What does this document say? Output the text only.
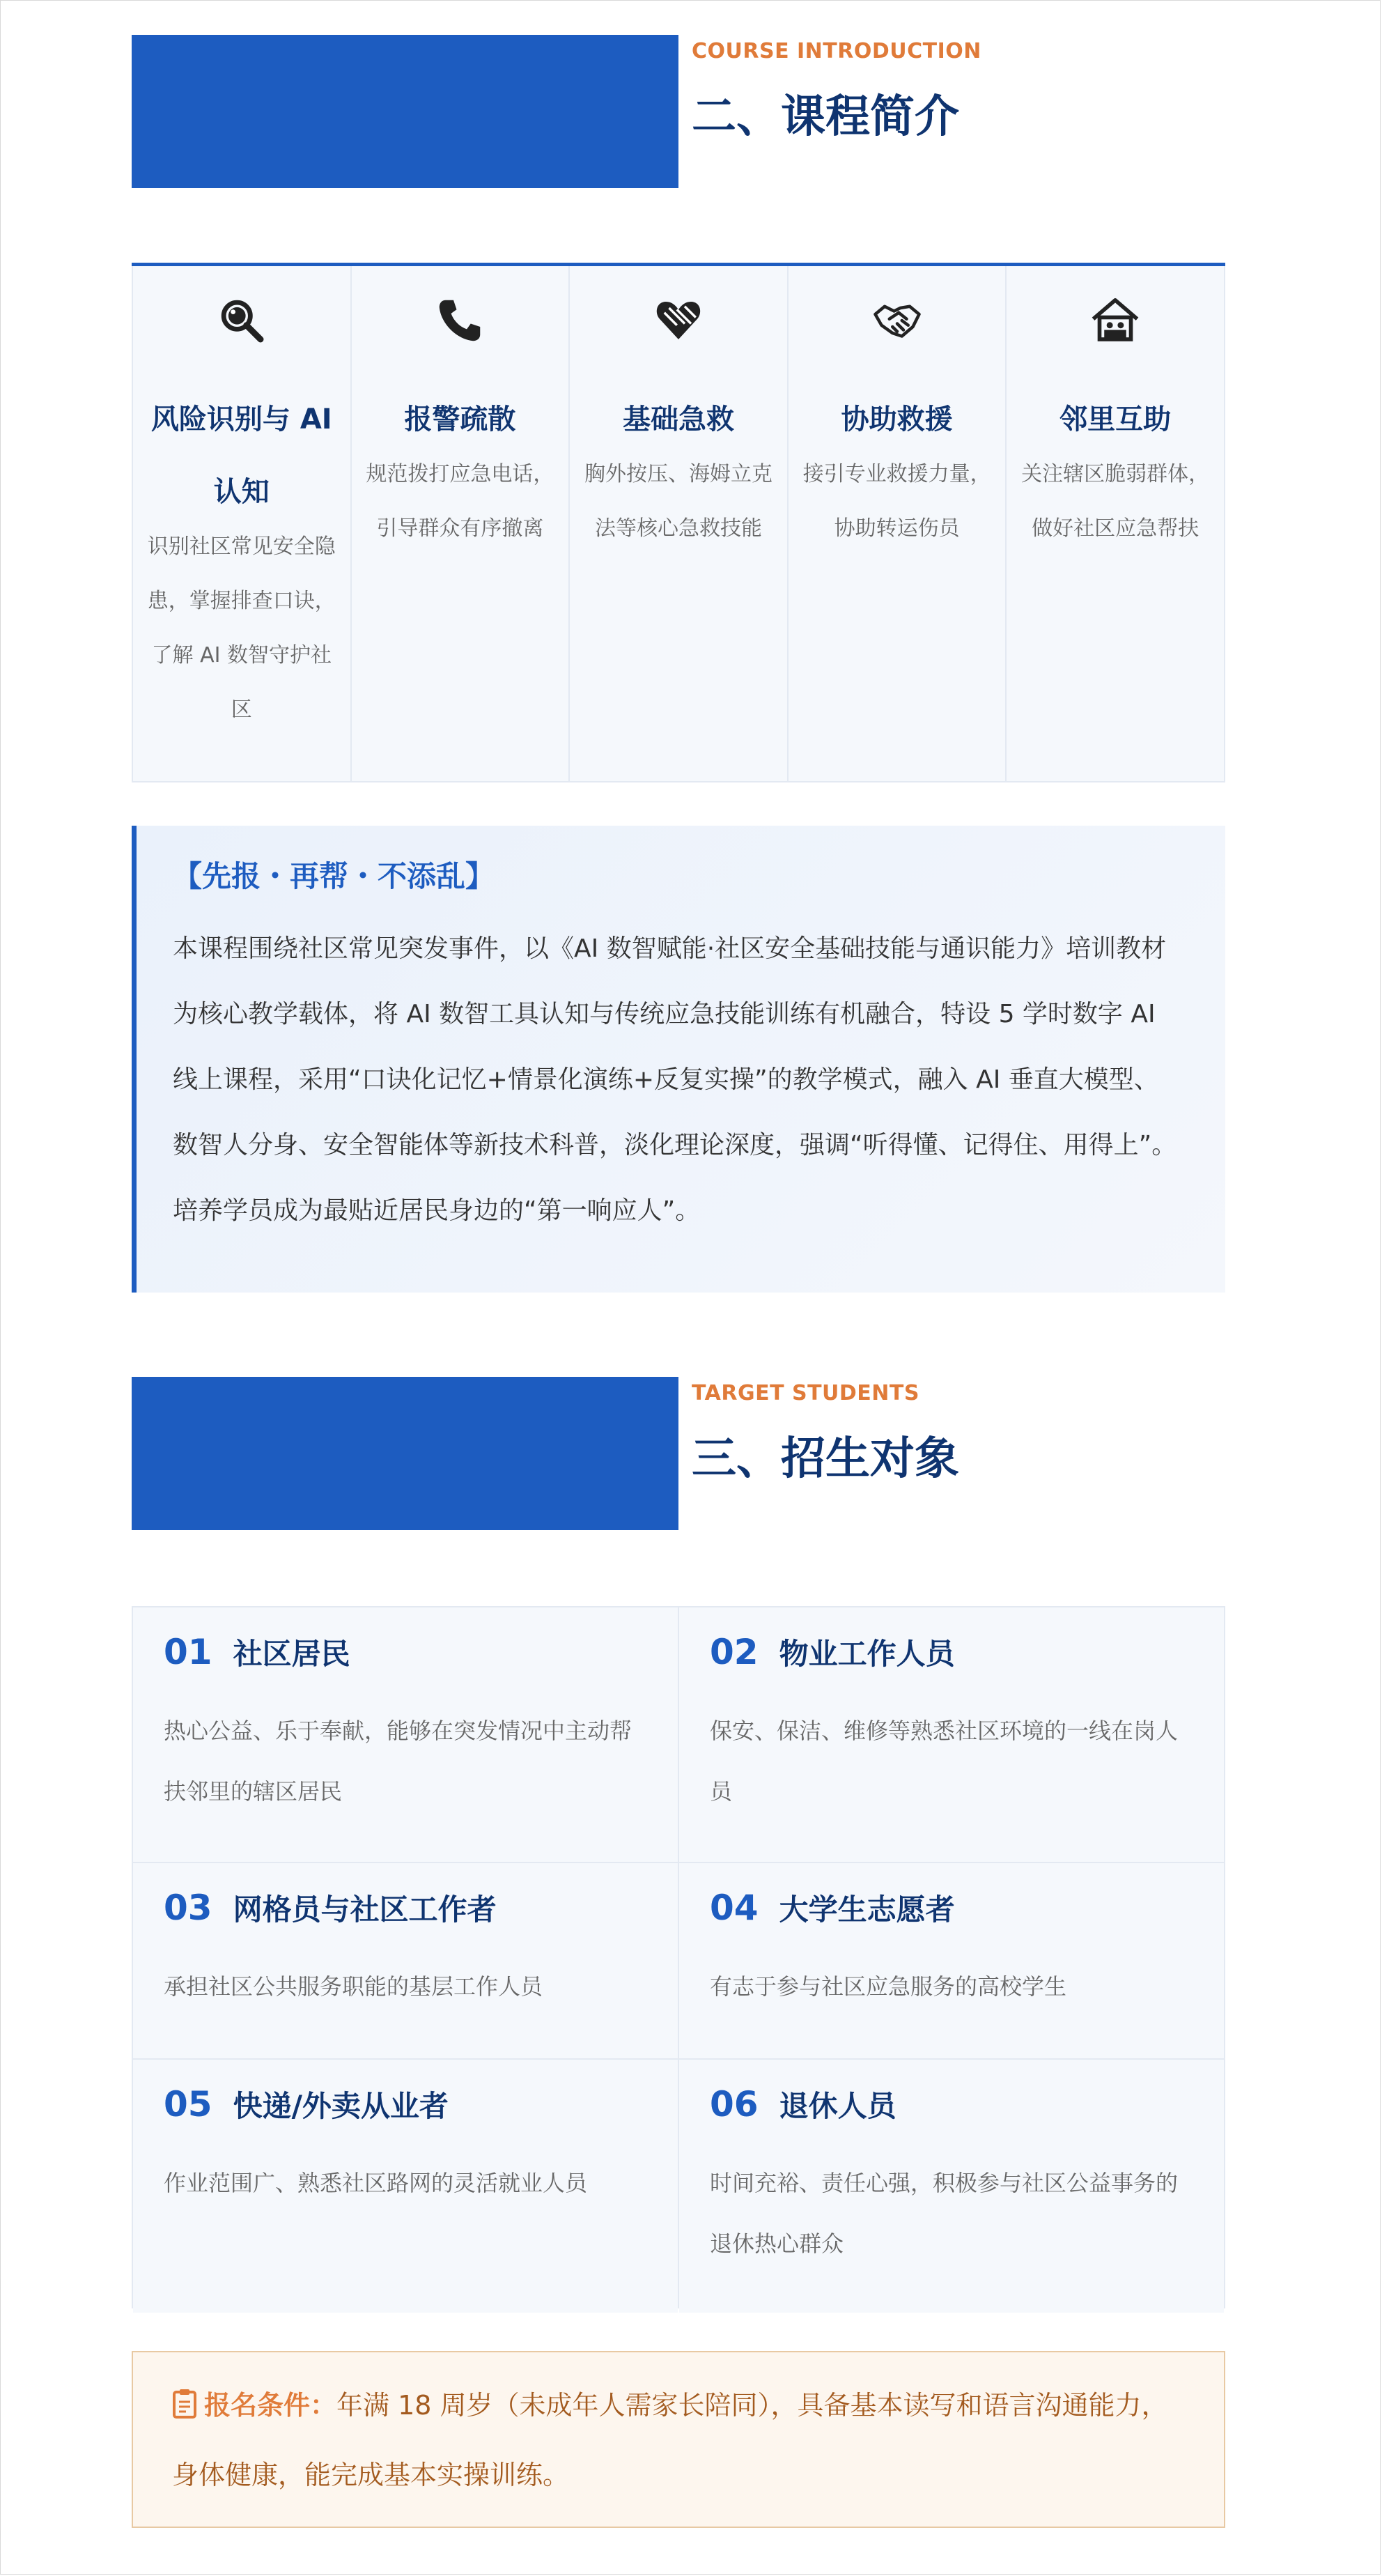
COURSE INTRODUCTION
二、课程简介
风险识别与 AI 认知
识别社区常见安全隐患，掌握排查口诀，了解 AI 数智守护社区
报警疏散
规范拨打应急电话，引导群众有序撤离
基础急救
胸外按压、海姆立克法等核心急救技能
协助救援
接引专业救援力量，协助转运伤员
邻里互助
关注辖区脆弱群体，做好社区应急帮扶
【先报・再帮・不添乱】
本课程围绕社区常见突发事件，以《AI 数智赋能·社区安全基础技能与通识能力》培训教材为核心教学载体，将 AI 数智工具认知与传统应急技能训练有机融合，特设 5 学时数字 AI 线上课程，采用“口诀化记忆+情景化演练+反复实操”的教学模式，融入 AI 垂直大模型、数智人分身、安全智能体等新技术科普，淡化理论深度，强调“听得懂、记得住、用得上”。培养学员成为最贴近居民身边的“第一响应人”。
TARGET STUDENTS
三、招生对象
01 社区居民
热心公益、乐于奉献，能够在突发情况中主动帮扶邻里的辖区居民
02 物业工作人员
保安、保洁、维修等熟悉社区环境的一线在岗人员
03 网格员与社区工作者
承担社区公共服务职能的基层工作人员
04 大学生志愿者
有志于参与社区应急服务的高校学生
05 快递/外卖从业者
作业范围广、熟悉社区路网的灵活就业人员
06 退休人员
时间充裕、责任心强，积极参与社区公益事务的退休热心群众
报名条件：年满 18 周岁（未成年人需家长陪同），具备基本读写和语言沟通能力，身体健康，能完成基本实操训练。
